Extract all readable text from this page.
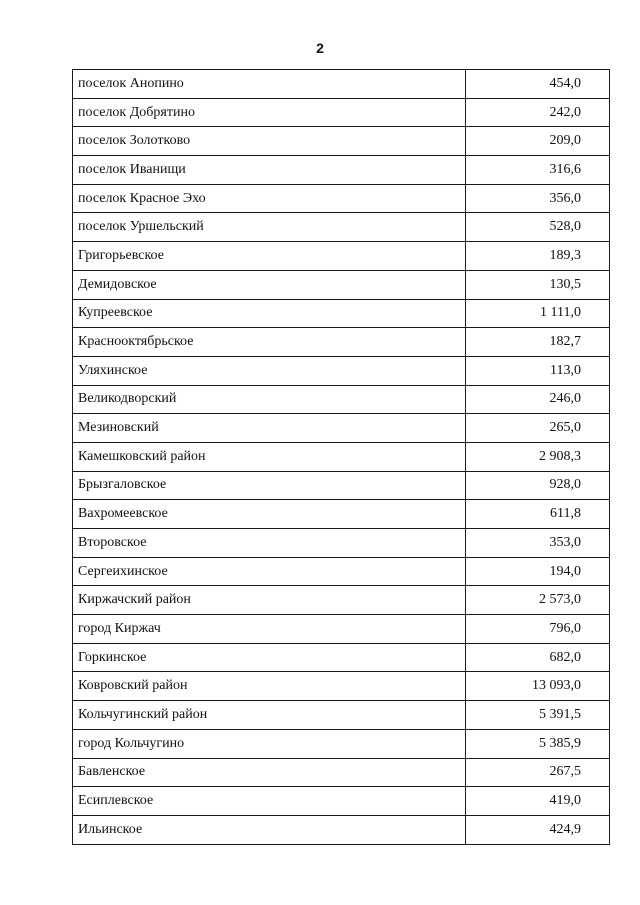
2
поселок Анопино	454,0
поселок Добрятино	242,0
поселок Золотково	209,0
поселок Иванищи	316,6
поселок Красное Эхо	356,0
поселок Уршельский	528,0
Григорьевское	189,3
Демидовское	130,5
Купреевское	1 111,0
Краснооктябрьское	182,7
Уляхинское	113,0
Великодворский	246,0
Мезиновский	265,0
Камешковский район	2 908,3
Брызгаловское	928,0
Вахромеевское	611,8
Второвское	353,0
Сергеихинское	194,0
Киржачский район	2 573,0
город Киржач	796,0
Горкинское	682,0
Ковровский район	13 093,0
Кольчугинский район	5 391,5
город Кольчугино	5 385,9
Бавленское	267,5
Есиплевское	419,0
Ильинское	424,9
